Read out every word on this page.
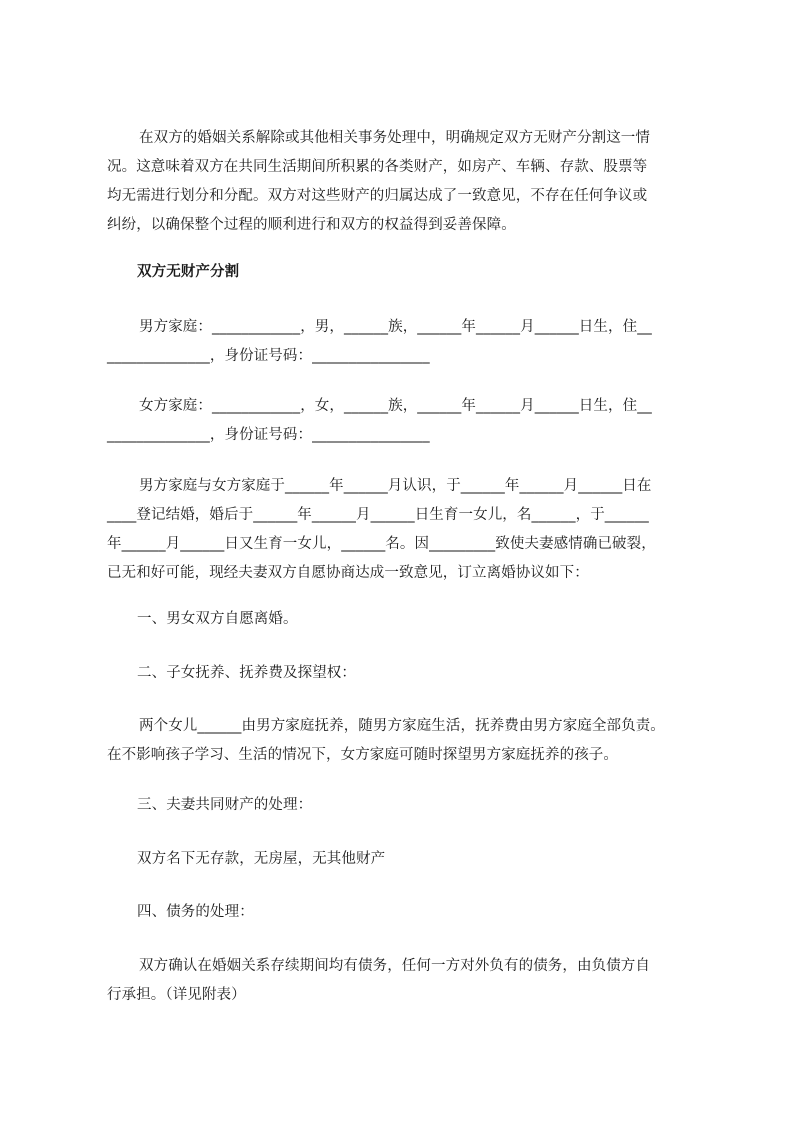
在双方的婚姻关系解除或其他相关事务处理中，明确规定双方无财产分割这一情
况。这意味着双方在共同生活期间所积累的各类财产，如房产、车辆、存款、股票等
均无需进行划分和分配。双方对这些财产的归属达成了一致意见，不存在任何争议或
纠纷，以确保整个过程的顺利进行和双方的权益得到妥善保障。
双方无财产分割
男方家庭：____________，男，______族，______年______月______日生，住__
______________，身份证号码：________________
女方家庭：____________，女，______族，______年______月______日生，住__
______________，身份证号码：________________
男方家庭与女方家庭于______年______月认识，于______年______月______日在
____登记结婚，婚后于______年______月______日生育一女儿，名______，于______
年______月______日又生育一女儿，______名。因_________致使夫妻感情确已破裂，
已无和好可能，现经夫妻双方自愿协商达成一致意见，订立离婚协议如下：
一、男女双方自愿离婚。
二、子女抚养、抚养费及探望权：
两个女儿______由男方家庭抚养，随男方家庭生活，抚养费由男方家庭全部负责。
在不影响孩子学习、生活的情况下，女方家庭可随时探望男方家庭抚养的孩子。
三、夫妻共同财产的处理：
双方名下无存款，无房屋，无其他财产
四、债务的处理：
双方确认在婚姻关系存续期间均有债务，任何一方对外负有的债务，由负债方自
行承担。（详见附表）
